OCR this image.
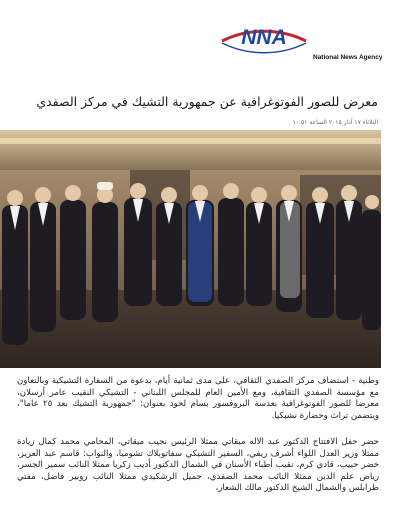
NNA
National News Agency
معرض للصور الفوتوغرافية عن جمهورية التشيك في مركز الصفدي
الثلاثاء ١٧ آذار ٢٠١٥ الساعة ١٠:٥١
وطنية - استضاف مركز الصفدي الثقافي، على مدى ثمانية أيام، بدعوة من السفارة التشيكية وبالتعاون مع مؤسسة الصفدي الثقافية، ومع الأمين العام للمجلس اللبناني - التشيكي النقيب عامر أرسلان، معرضا للصور الفوتوغرافية بعدسة البروفسور بسام لحود بعنوان: "جمهورية التشيك بعد ٢٥ عاما"، ويتضمن تراث وحضارة تشيكيا.
حضر حفل الافتتاح الدكتور عبد الاله ميقاتي ممثلا الرئيس نجيب ميقاتي، المحامي محمد كمال زيادة ممثلا وزير العدل اللواء أشرف ريفي، السفير التشيكي سفاتوبلاك تشوميا، والنواب: قاسم عبد العزيز، خضر حبيب، قادي كرم، نقيب أطباء الأسنان في الشمال الدكتور أديب زكريا ممثلا النائب سمير الجسر، رياض علم الدين ممثلا النائب محمد الصفدي، جميل الرشكيدي ممثلا النائب روبير فاضل، مفتي طرابلس والشمال الشيخ الدكتور مالك الشعار،
